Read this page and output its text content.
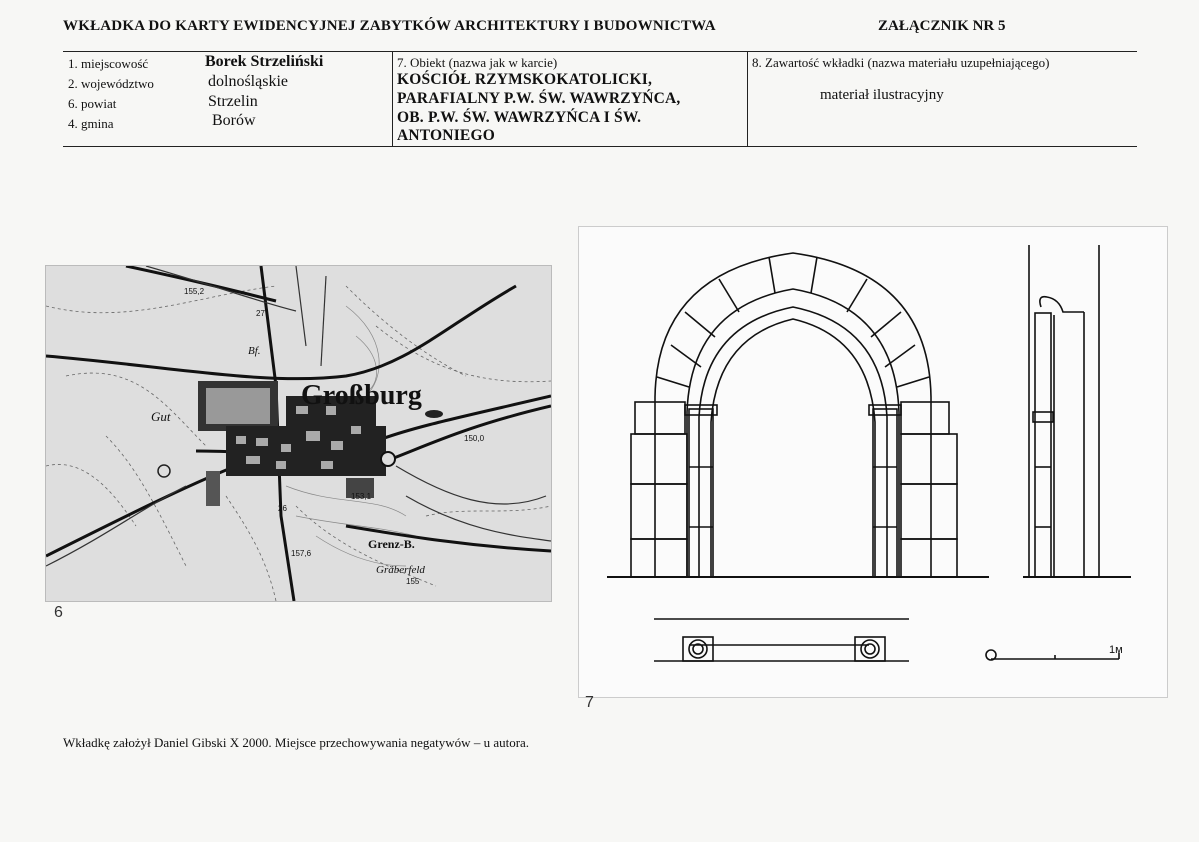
WKŁADKA DO KARTY EWIDENCYJNEJ ZABYTKÓW ARCHITEKTURY I BUDOWNICTWA	ZAŁĄCZNIK NR 5
1. miejscowość	Borek Strzeliński
2. województwo	dolnośląskie
6. powiat	Strzelin
4. gmina	Borów
7. Obiekt (nazwa jak w karcie)
KOŚCIÓŁ RZYMSKOKATOLICKI,
PARAFIALNY P.W. ŚW. WAWRZYŃCA,
OB. P.W. ŚW. WAWRZYŃCA I ŚW.
ANTONIEGO
8. Zawartość wkładki (nazwa materiału uzupełniającego)
materiał ilustracyjny
Großburg
Gut
Bf.
Grenz-B.
Gräberfeld
155,2
150,0
153,1
157,6
27
26
155
6
1м
7
Wkładkę założył Daniel Gibski X 2000. Miejsce przechowywania negatywów – u autora.
